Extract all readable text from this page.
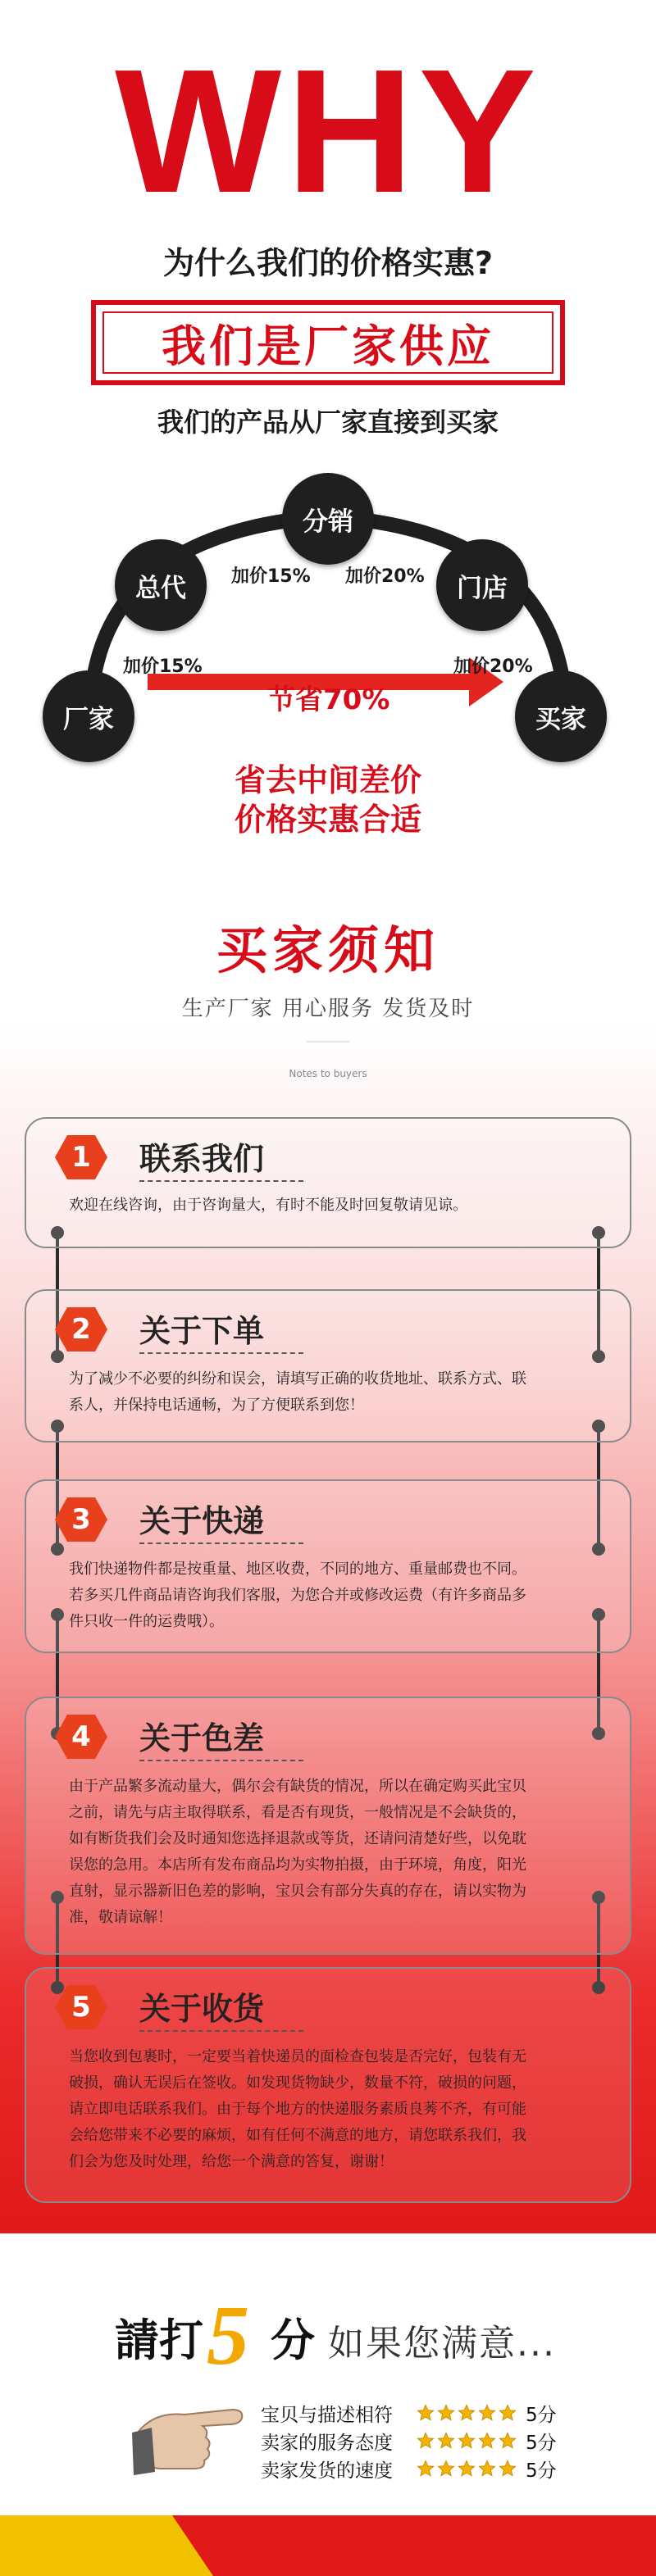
WHY
为什么我们的价格实惠?
我们是厂家供应
我们的产品从厂家直接到买家
厂家
总代
分销
门店
买家
加价15%
加价15% 加价20%
加价20%
节省70%
省去中间差价
价格实惠合适
买家须知
生产厂家 用心服务 发货及时
Notes to buyers
1	联系我们
欢迎在线咨询，由于咨询量大，有时不能及时回复敬请见谅。
2	关于下单
为了减少不必要的纠纷和误会，请填写正确的收货地址、联系方式、联
系人，并保持电话通畅，为了方便联系到您！
3	关于快递
我们快递物件都是按重量、地区收费，不同的地方、重量邮费也不同。
若多买几件商品请咨询我们客服，为您合并或修改运费（有许多商品多
件只收一件的运费哦）。
4	关于色差
由于产品繁多流动量大，偶尔会有缺货的情况，所以在确定购买此宝贝
之前，请先与店主取得联系，看是否有现货，一般情况是不会缺货的，
如有断货我们会及时通知您选择退款或等货，还请问清楚好些，以免耽
误您的急用。本店所有发布商品均为实物拍摄，由于环境，角度，阳光
直射，显示器新旧色差的影响，宝贝会有部分失真的存在，请以实物为
准，敬请谅解！
5	关于收货
当您收到包裹时，一定要当着快递员的面检查包装是否完好，包装有无
破损，确认无误后在签收。如发现货物缺少，数量不符，破损的问题，
请立即电话联系我们。由于每个地方的快递服务素质良莠不齐，有可能
会给您带来不必要的麻烦，如有任何不满意的地方，请您联系我们，我
们会为您及时处理，给您一个满意的答复，谢谢！
請打 5 分 如果您满意...
宝贝与描述相符	5分
卖家的服务态度	5分
卖家发货的速度	5分
